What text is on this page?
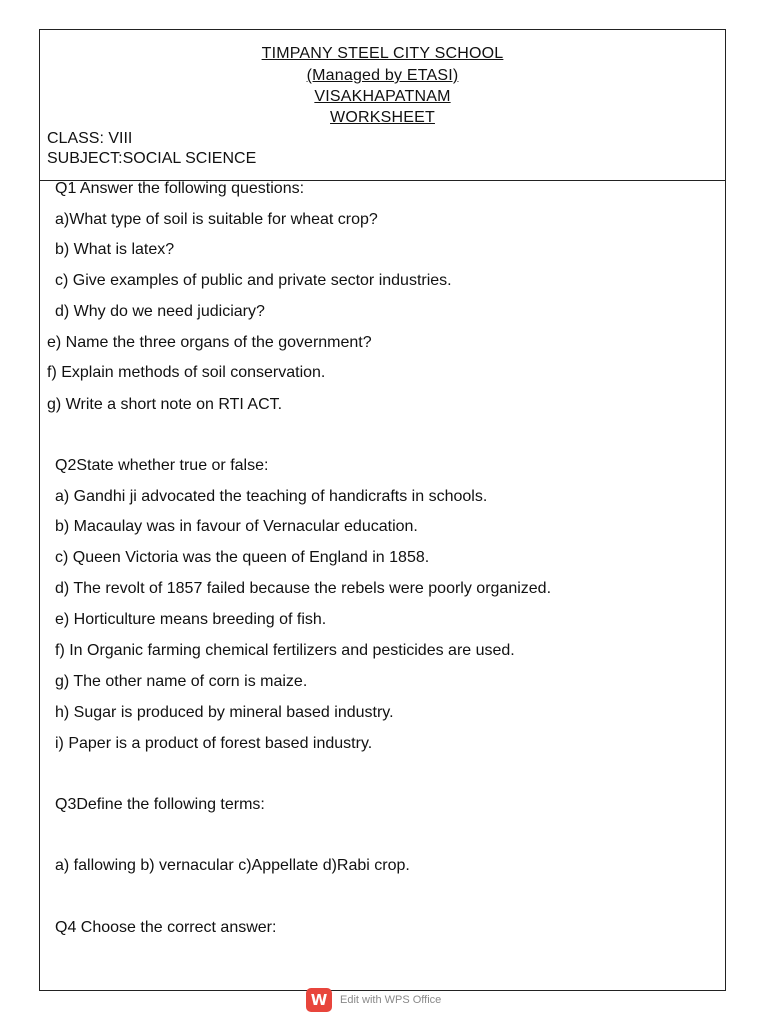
TIMPANY STEEL CITY SCHOOL
(Managed by ETASI)
VISAKHAPATNAM
WORKSHEET
CLASS: VIII
SUBJECT:SOCIAL SCIENCE
Q1 Answer the following questions:
a)What type of soil is suitable for wheat crop?
b) What is latex?
c) Give examples of public and private sector industries.
d) Why do we need judiciary?
e) Name the three organs of the government?
f) Explain methods of soil conservation.
g) Write a short note on RTI ACT.
Q2State whether true or false:
a) Gandhi ji advocated the teaching of handicrafts in schools.
b) Macaulay was in favour of Vernacular education.
c) Queen Victoria was the queen of England in 1858.
d) The revolt of 1857 failed because the rebels were poorly organized.
e) Horticulture means breeding of fish.
f) In Organic farming chemical fertilizers and pesticides are used.
g) The other name of corn is maize.
h) Sugar is produced by mineral based industry.
i) Paper is a product of forest based industry.
Q3Define the following terms:
a) fallowing b) vernacular c)Appellate d)Rabi crop.
Q4 Choose the correct answer:
W	Edit with WPS Office
